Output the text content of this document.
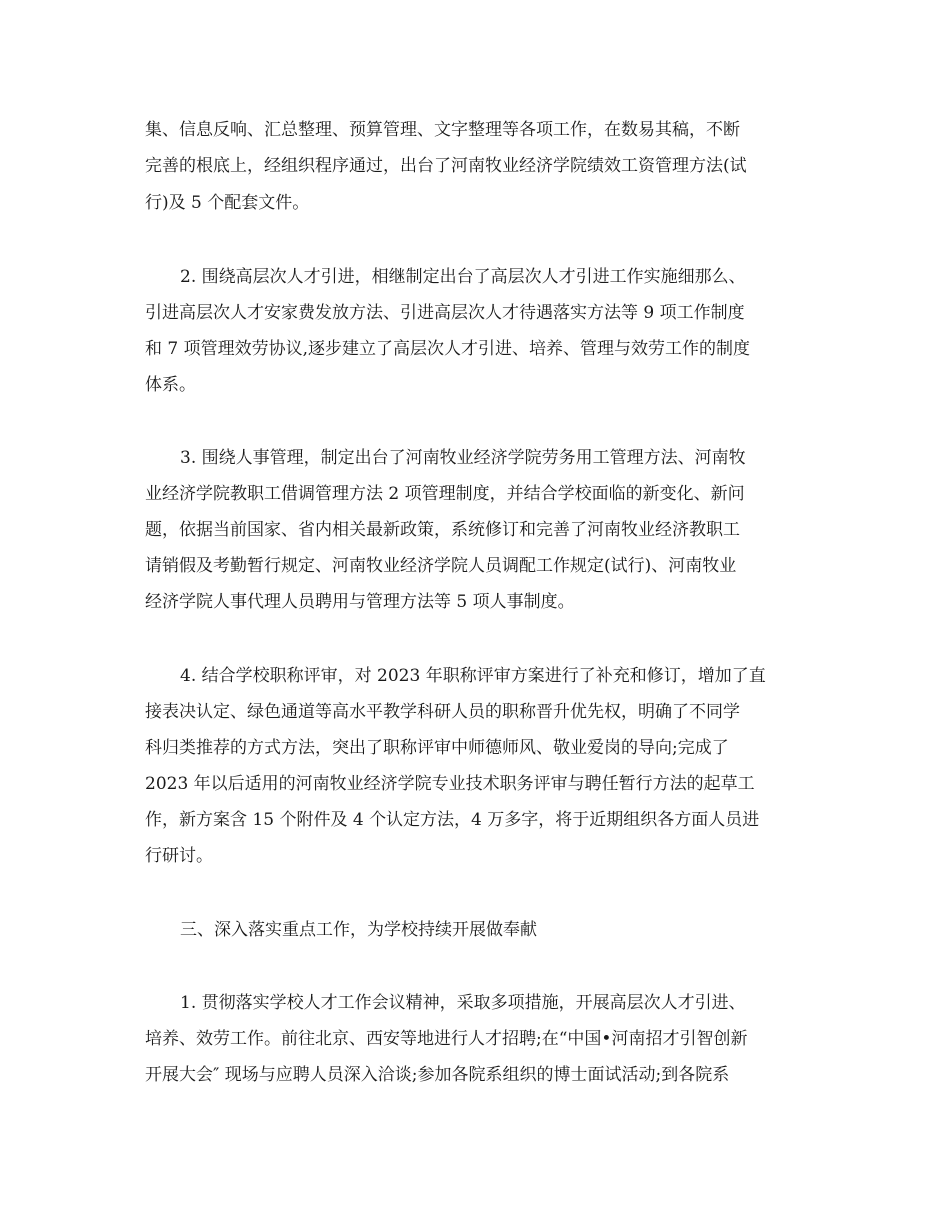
集、信息反响、汇总整理、预算管理、文字整理等各项工作，在数易其稿，不断

完善的根底上，经组织程序通过，出台了河南牧业经济学院绩效工资管理方法(试

行)及 5 个配套文件。

2. 围绕高层次人才引进，相继制定出台了高层次人才引进工作实施细那么、

引进高层次人才安家费发放方法、引进高层次人才待遇落实方法等 9 项工作制度

和 7 项管理效劳协议,逐步建立了高层次人才引进、培养、管理与效劳工作的制度

体系。

3. 围绕人事管理，制定出台了河南牧业经济学院劳务用工管理方法、河南牧

业经济学院教职工借调管理方法 2 项管理制度，并结合学校面临的新变化、新问

题，依据当前国家、省内相关最新政策，系统修订和完善了河南牧业经济教职工

请销假及考勤暂行规定、河南牧业经济学院人员调配工作规定(试行)、河南牧业

经济学院人事代理人员聘用与管理方法等 5 项人事制度。

4. 结合学校职称评审，对 2023 年职称评审方案进行了补充和修订，增加了直

接表决认定、绿色通道等高水平教学科研人员的职称晋升优先权，明确了不同学

科归类推荐的方式方法，突出了职称评审中师德师风、敬业爱岗的导向;完成了

2023 年以后适用的河南牧业经济学院专业技术职务评审与聘任暂行方法的起草工

作，新方案含 15 个附件及 4 个认定方法，4 万多字，将于近期组织各方面人员进

行研讨。

三、深入落实重点工作，为学校持续开展做奉献

1. 贯彻落实学校人才工作会议精神，采取多项措施，开展高层次人才引进、

培养、效劳工作。前往北京、西安等地进行人才招聘;在“中国•河南招才引智创新

开展大会″ 现场与应聘人员深入洽谈;参加各院系组织的博士面试活动;到各院系
